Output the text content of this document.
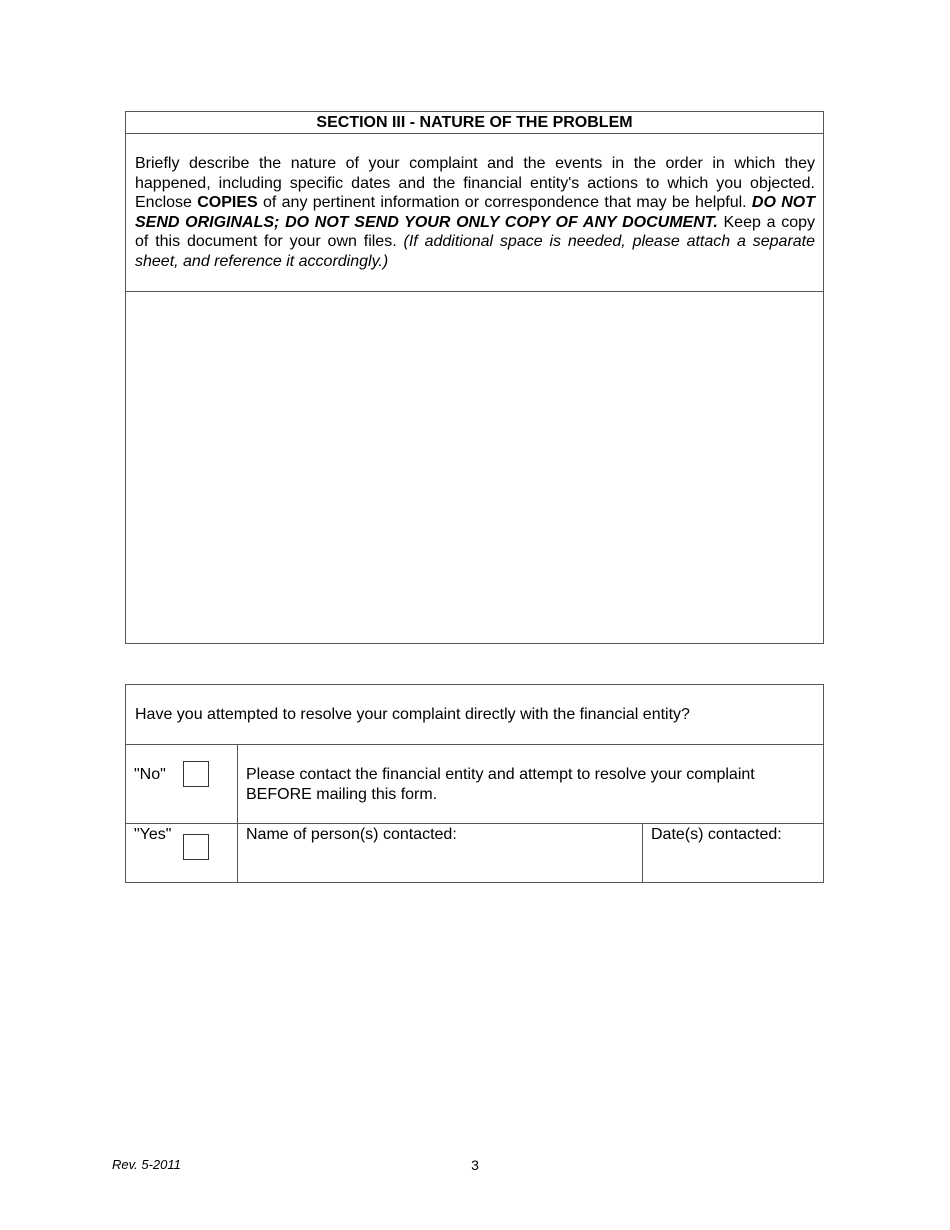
SECTION III - NATURE OF THE PROBLEM
Briefly describe the nature of your complaint and the events in the order in which they happened, including specific dates and the financial entity's actions to which you objected. Enclose COPIES of any pertinent information or correspondence that may be helpful. DO NOT SEND ORIGINALS; DO NOT SEND YOUR ONLY COPY OF ANY DOCUMENT. Keep a copy of this document for your own files. (If additional space is needed, please attach a separate sheet, and reference it accordingly.)
Have you attempted to resolve your complaint directly with the financial entity?
"No"	Please contact the financial entity and attempt to resolve your complaint BEFORE mailing this form.
"Yes"	Name of person(s) contacted:	Date(s) contacted:
Rev. 5-2011	3
